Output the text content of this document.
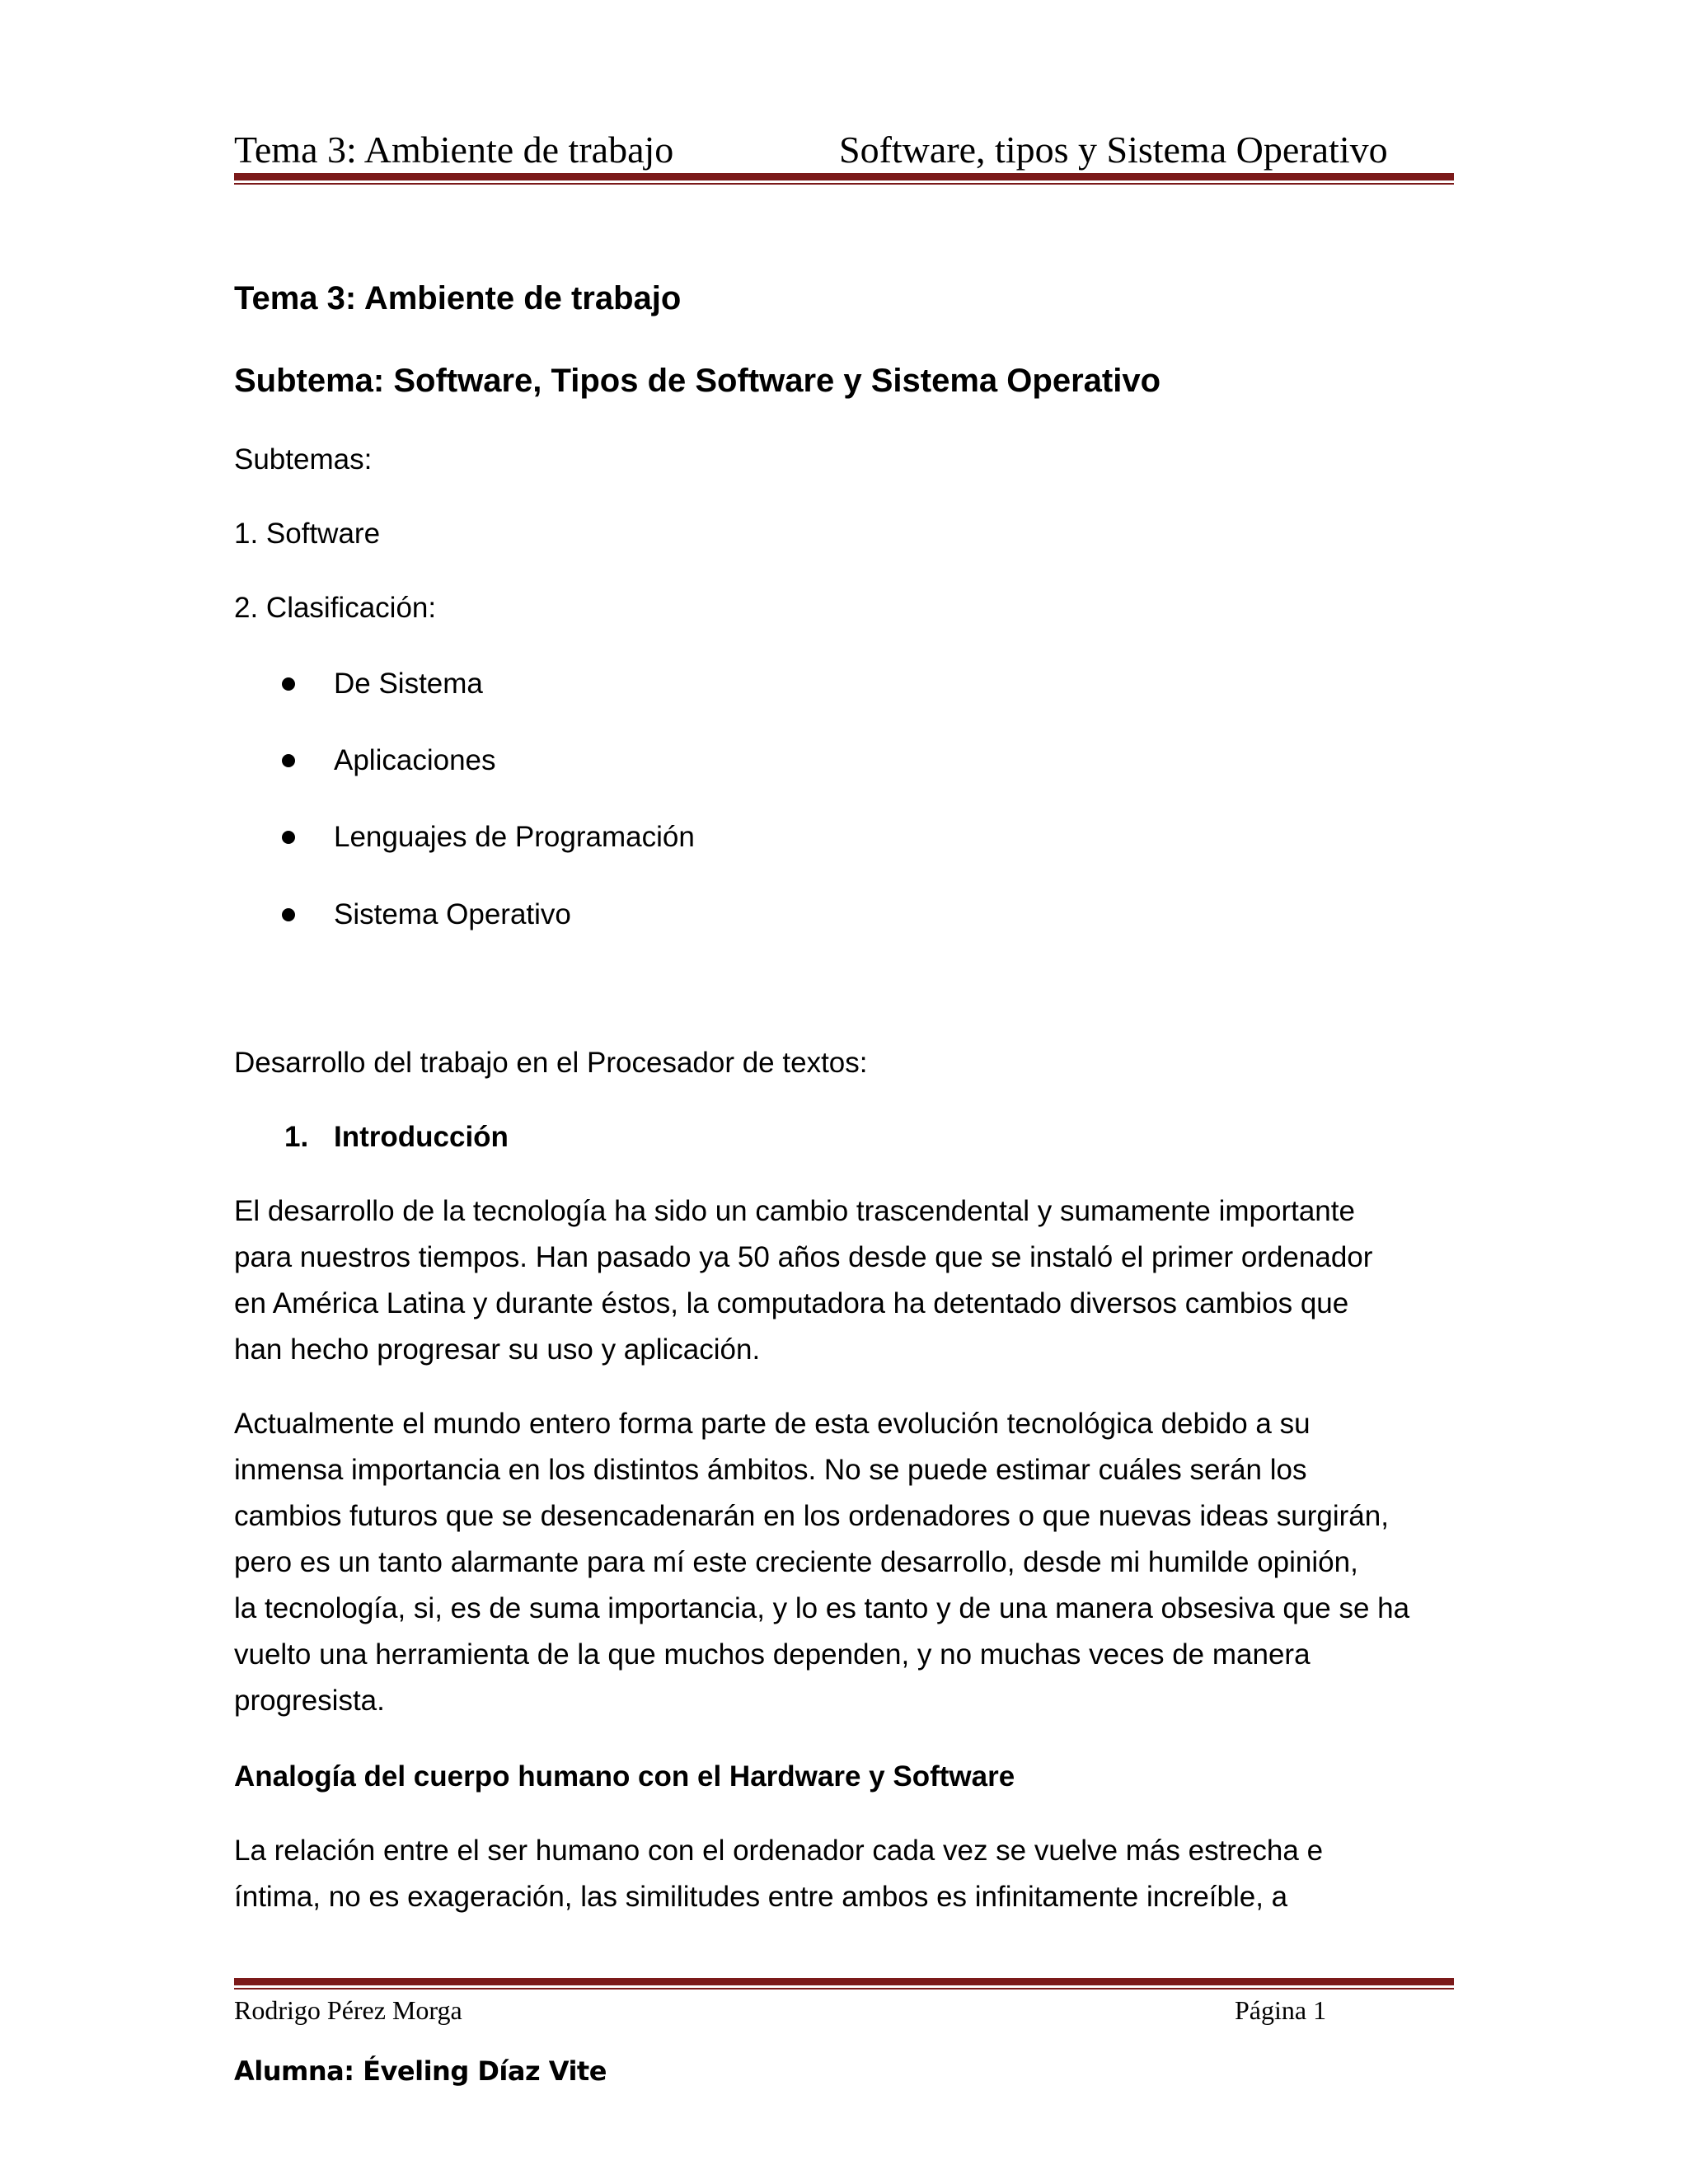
Tema 3: Ambiente de trabajo	Software, tipos y Sistema Operativo

Tema 3: Ambiente de trabajo

Subtema: Software, Tipos de Software y Sistema Operativo

Subtemas:

1. Software

2. Clasificación:

De Sistema

Aplicaciones

Lenguajes de Programación

Sistema Operativo

Desarrollo del trabajo en el Procesador de textos:

1. Introducción

El desarrollo de la tecnología ha sido un cambio trascendental y sumamente importante
para nuestros tiempos. Han pasado ya 50 años desde que se instaló el primer ordenador
en América Latina y durante éstos, la computadora ha detentado diversos cambios que
han hecho progresar su uso y aplicación.
Actualmente el mundo entero forma parte de esta evolución tecnológica debido a su
inmensa importancia en los distintos ámbitos. No se puede estimar cuáles serán los
cambios futuros que se desencadenarán en los ordenadores o que nuevas ideas surgirán,
pero es un tanto alarmante para mí este creciente desarrollo, desde mi humilde opinión,
la tecnología, si, es de suma importancia, y lo es tanto y de una manera obsesiva que se ha
vuelto una herramienta de la que muchos dependen, y no muchas veces de manera
progresista.

Analogía del cuerpo humano con el Hardware y Software

La relación entre el ser humano con el ordenador cada vez se vuelve más estrecha e
íntima, no es exageración, las similitudes entre ambos es infinitamente increíble, a

Rodrigo Pérez Morga	Página 1

Alumna: Éveling Díaz Vite
